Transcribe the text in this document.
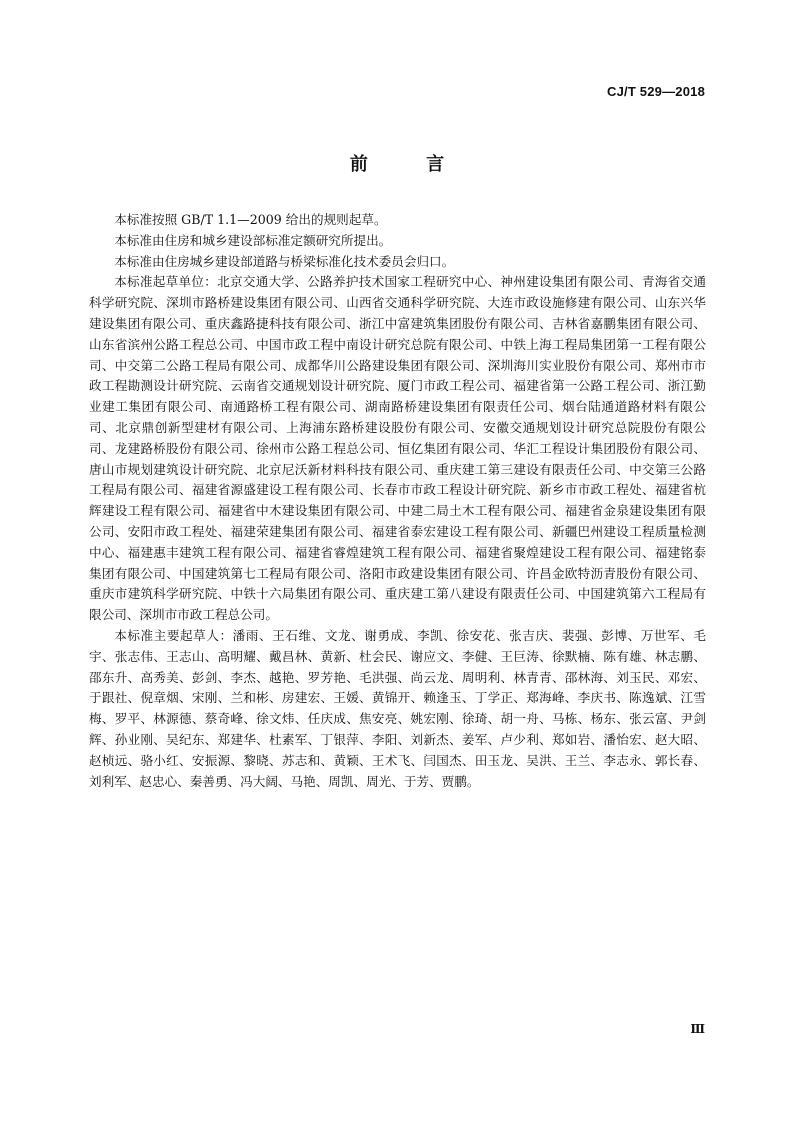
CJ/T 529—2018
前 言

本标准按照 GB/T 1.1—2009 给出的规则起草。

本标准由住房和城乡建设部标准定额研究所提出。

本标准由住房城乡建设部道路与桥梁标准化技术委员会归口。

本标准起草单位：北京交通大学、公路养护技术国家工程研究中心、神州建设集团有限公司、青海省交通科学研究院、深圳市路桥建设集团有限公司、山西省交通科学研究院、大连市政设施修建有限公司、山东兴华建设集团有限公司、重庆鑫路捷科技有限公司、浙江中富建筑集团股份有限公司、吉林省嘉鹏集团有限公司、山东省滨州公路工程总公司、中国市政工程中南设计研究总院有限公司、中铁上海工程局集团第一工程有限公司、中交第二公路工程局有限公司、成都华川公路建设集团有限公司、深圳海川实业股份有限公司、郑州市市政工程勘测设计研究院、云南省交通规划设计研究院、厦门市政工程公司、福建省第一公路工程公司、浙江勤业建工集团有限公司、南通路桥工程有限公司、湖南路桥建设集团有限责任公司、烟台陆通道路材料有限公司、北京鼎创新型建材有限公司、上海浦东路桥建设股份有限公司、安徽交通规划设计研究总院股份有限公司、龙建路桥股份有限公司、徐州市公路工程总公司、恒亿集团有限公司、华汇工程设计集团股份有限公司、唐山市规划建筑设计研究院、北京尼沃新材料科技有限公司、重庆建工第三建设有限责任公司、中交第三公路工程局有限公司、福建省源盛建设工程有限公司、长春市市政工程设计研究院、新乡市市政工程处、福建省杭辉建设工程有限公司、福建省中木建设集团有限公司、中建二局土木工程有限公司、福建省金泉建设集团有限公司、安阳市政工程处、福建荣建集团有限公司、福建省泰宏建设工程有限公司、新疆巴州建设工程质量检测中心、福建惠丰建筑工程有限公司、福建省睿煌建筑工程有限公司、福建省聚煌建设工程有限公司、福建铭泰集团有限公司、中国建筑第七工程局有限公司、洛阳市政建设集团有限公司、许昌金欧特沥青股份有限公司、重庆市建筑科学研究院、中铁十六局集团有限公司、重庆建工第八建设有限责任公司、中国建筑第六工程局有限公司、深圳市市政工程总公司。

本标准主要起草人：潘雨、王石维、文龙、谢勇成、李凯、徐安花、张吉庆、裴强、彭博、万世军、毛宇、张志伟、王志山、高明耀、戴昌林、黄新、杜会民、谢应文、李健、王巨涛、徐默楠、陈有雄、林志鹏、邵东升、高秀美、彭剑、李杰、越艳、罗芳艳、毛洪强、尚云龙、周明利、林青青、邵林海、刘玉民、邓宏、于跟社、倪章烟、宋刚、兰和彬、房建宏、王媛、黄锦开、赖逢玉、丁学正、郑海峰、李庆书、陈逸斌、江雪梅、罗平、林源德、蔡奇峰、徐文炜、任庆成、焦安亮、姚宏刚、徐琦、胡一舟、马栋、杨东、张云富、尹剑辉、孙业刚、吴纪东、郑建华、杜素军、丁银萍、李阳、刘新杰、姜军、卢少利、郑如岩、潘怡宏、赵大昭、赵桢远、骆小红、安振源、黎晓、苏志和、黄颖、王术飞、闫国杰、田玉龙、吴洪、王兰、李志永、郭长春、刘利军、赵忠心、秦善勇、冯大阔、马艳、周凯、周光、于芳、贾鹏。

Ⅲ
